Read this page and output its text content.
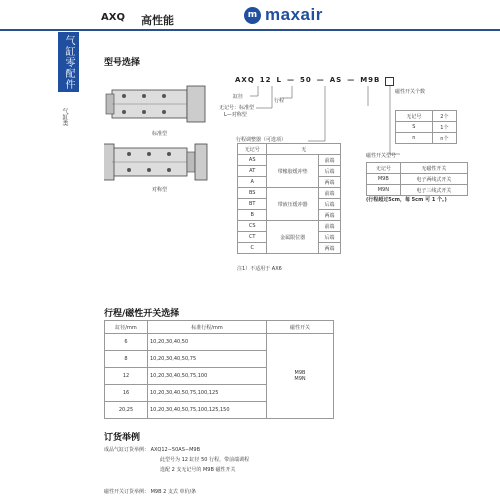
AXQ 高性能	m maxair
气缸零配件
气缸类
型号选择
标准型
对称型
AXQ 12 L — 50 — AS — M9B
缸径
无记号：标准型
L—对称型
行程
行程调整器（可选项）
磁性开关个数
磁性开关型号
无记号	无	
AS	带橡胶缓冲垫	前端
AT		后端
A		两端
BS	带液压缓冲器	前端
BT		后端
B		两端
CS	金属限位器	前端
CT		后端
C		两端
注1）不适用于 AX6
无记号	2个
S	1个
n	n个
无记号	无磁性开关
M9B	电子两线式开关
M9N	电子三线式开关
(行程超过5cm，每 5cm 可 1 个。)
行程/磁性开关选择
缸径/mm	标准行程/mm	磁性开关
6	10,20,30,40,50	M9B
M9N

8	10,20,30,40,50,75	
12	10,20,30,40,50,75,100	
16	10,20,30,40,50,75,100,125	
20,25	10,20,30,40,50,75,100,125,150	
订货举例
成品气缸订货举例： AXQ12−50AS−M9B
此型号为 12 缸径 50 行程，带前端调程
选配 2 支无记号的 M9B 磁性开关
磁性开关订货举例： M9B 2 支式 单价/条
